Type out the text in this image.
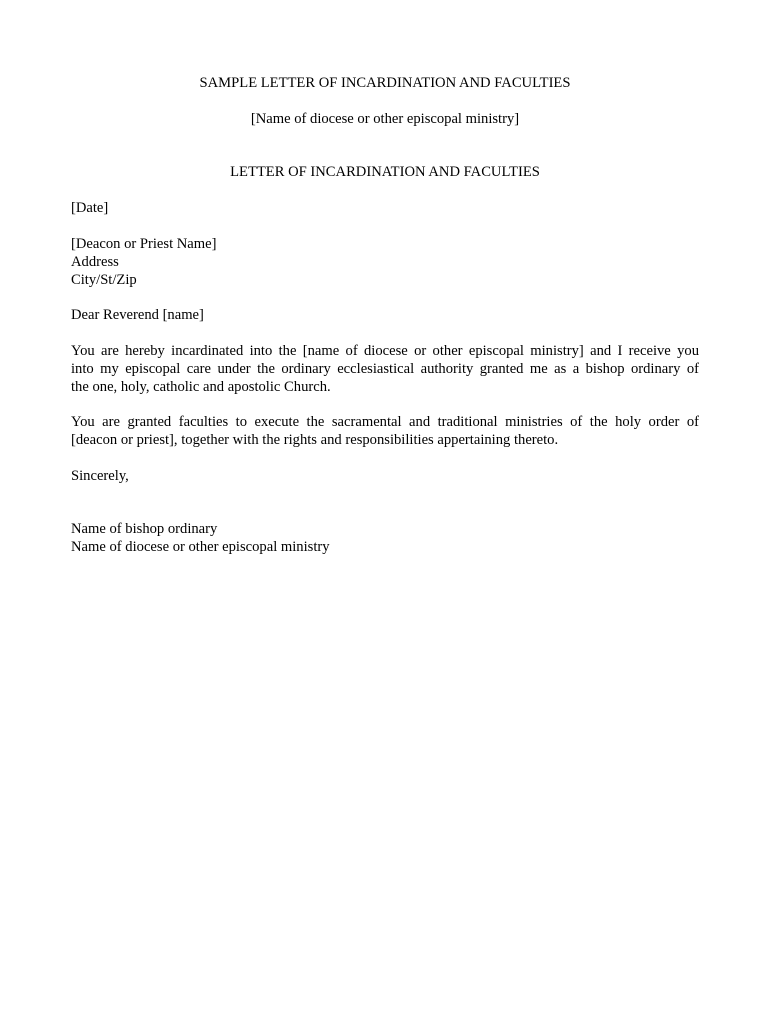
SAMPLE LETTER OF INCARDINATION AND FACULTIES
[Name of diocese or other episcopal ministry]
LETTER OF INCARDINATION AND FACULTIES
[Date]
[Deacon or Priest Name]
Address
City/St/Zip
Dear Reverend [name]
You are hereby incardinated into the [name of diocese or other episcopal ministry] and I receive you
into my episcopal care under the ordinary ecclesiastical authority granted me as a bishop ordinary of
the one, holy, catholic and apostolic Church.
You are granted faculties to execute the sacramental and traditional ministries of the holy order of
[deacon or priest], together with the rights and responsibilities appertaining thereto.
Sincerely,
Name of bishop ordinary
Name of diocese or other episcopal ministry
